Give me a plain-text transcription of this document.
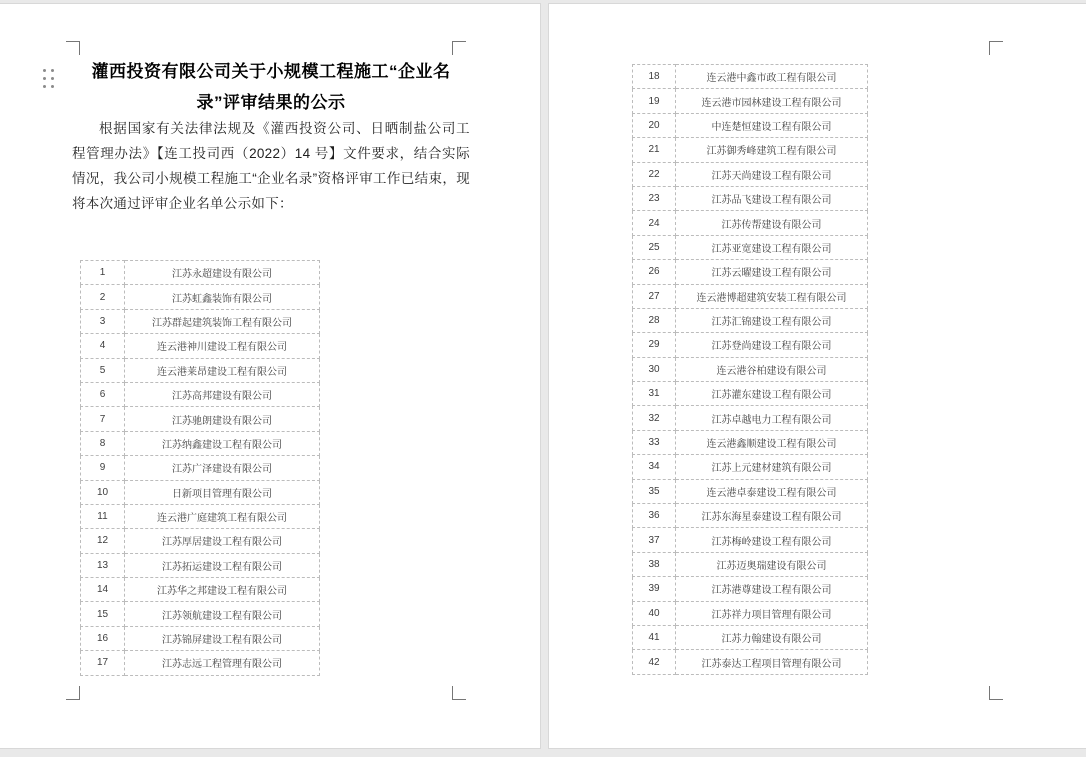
灌西投资有限公司关于小规模工程施工“企业名录”评审结果的公示

根据国家有关法律法规及《灌西投资公司、日晒制盐公司工程管理办法》【连工投司西（2022）14 号】文件要求，结合实际情况，我公司小规模工程施工“企业名录”资格评审工作已结束，现将本次通过评审企业名单公示如下：

1	江苏永超建设有限公司
2	江苏虹鑫装饰有限公司
3	江苏群起建筑装饰工程有限公司
4	连云港神川建设工程有限公司
5	连云港莱昂建设工程有限公司
6	江苏高邦建设有限公司
7	江苏驰朗建设有限公司
8	江苏纳鑫建设工程有限公司
9	江苏广泽建设有限公司
10	日新项目管理有限公司
11	连云港广庭建筑工程有限公司
12	江苏厚居建设工程有限公司
13	江苏拓运建设工程有限公司
14	江苏华之邦建设工程有限公司
15	江苏领航建设工程有限公司
16	江苏锦屏建设工程有限公司
17	江苏志远工程管理有限公司
18	连云港中鑫市政工程有限公司
19	连云港市园林建设工程有限公司
20	中连楚恒建设工程有限公司
21	江苏御秀峰建筑工程有限公司
22	江苏天尚建设工程有限公司
23	江苏品飞建设工程有限公司
24	江苏传帮建设有限公司
25	江苏亚宽建设工程有限公司
26	江苏云曜建设工程有限公司
27	连云港博超建筑安装工程有限公司
28	江苏汇锦建设工程有限公司
29	江苏登尚建设工程有限公司
30	连云港谷柏建设有限公司
31	江苏灌东建设工程有限公司
32	江苏卓越电力工程有限公司
33	连云港鑫顺建设工程有限公司
34	江苏上元建材建筑有限公司
35	连云港卓泰建设工程有限公司
36	江苏东海星泰建设工程有限公司
37	江苏梅岭建设工程有限公司
38	江苏迈奥瑞建设有限公司
39	江苏港尊建设工程有限公司
40	江苏祥力项目管理有限公司
41	江苏力翰建设有限公司
42	江苏泰达工程项目管理有限公司
